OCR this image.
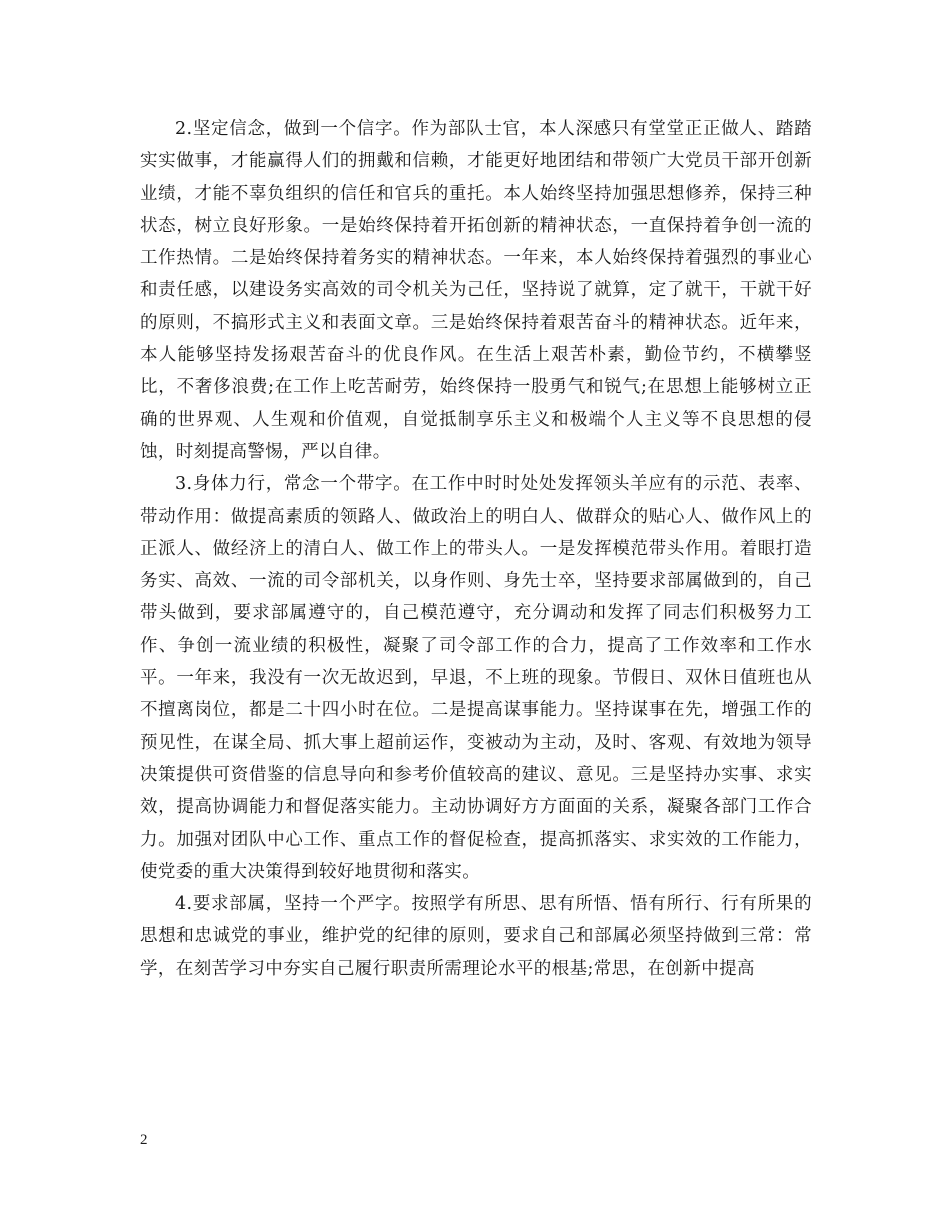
2.坚定信念，做到一个信字。作为部队士官，本人深感只有堂堂正正做人、踏踏实实做事，才能赢得人们的拥戴和信赖，才能更好地团结和带领广大党员干部开创新业绩，才能不辜负组织的信任和官兵的重托。本人始终坚持加强思想修养，保持三种状态，树立良好形象。一是始终保持着开拓创新的精神状态，一直保持着争创一流的工作热情。二是始终保持着务实的精神状态。一年来，本人始终保持着强烈的事业心和责任感，以建设务实高效的司令机关为己任，坚持说了就算，定了就干，干就干好的原则，不搞形式主义和表面文章。三是始终保持着艰苦奋斗的精神状态。近年来，本人能够坚持发扬艰苦奋斗的优良作风。在生活上艰苦朴素，勤俭节约，不横攀竖比，不奢侈浪费;在工作上吃苦耐劳，始终保持一股勇气和锐气;在思想上能够树立正确的世界观、人生观和价值观，自觉抵制享乐主义和极端个人主义等不良思想的侵蚀，时刻提高警惕，严以自律。

3.身体力行，常念一个带字。在工作中时时处处发挥领头羊应有的示范、表率、带动作用：做提高素质的领路人、做政治上的明白人、做群众的贴心人、做作风上的正派人、做经济上的清白人、做工作上的带头人。一是发挥模范带头作用。着眼打造务实、高效、一流的司令部机关，以身作则、身先士卒，坚持要求部属做到的，自己带头做到，要求部属遵守的，自己模范遵守，充分调动和发挥了同志们积极努力工作、争创一流业绩的积极性，凝聚了司令部工作的合力，提高了工作效率和工作水平。一年来，我没有一次无故迟到，早退，不上班的现象。节假日、双休日值班也从不擅离岗位，都是二十四小时在位。二是提高谋事能力。坚持谋事在先，增强工作的预见性，在谋全局、抓大事上超前运作，变被动为主动，及时、客观、有效地为领导决策提供可资借鉴的信息导向和参考价值较高的建议、意见。三是坚持办实事、求实效，提高协调能力和督促落实能力。主动协调好方方面面的关系，凝聚各部门工作合力。加强对团队中心工作、重点工作的督促检查，提高抓落实、求实效的工作能力，使党委的重大决策得到较好地贯彻和落实。

4.要求部属，坚持一个严字。按照学有所思、思有所悟、悟有所行、行有所果的思想和忠诚党的事业，维护党的纪律的原则，要求自己和部属必须坚持做到三常：常学，在刻苦学习中夯实自己履行职责所需理论水平的根基;常思，在创新中提高

2
